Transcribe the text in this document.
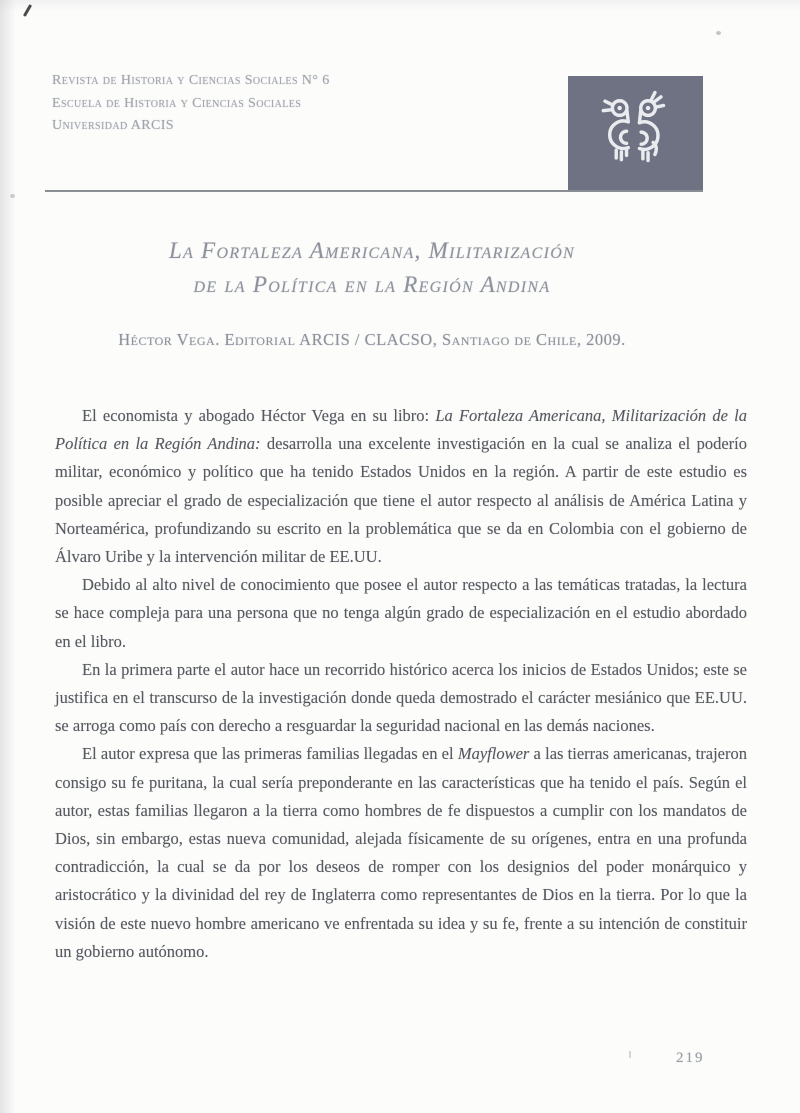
Revista de Historia y Ciencias Sociales N° 6
Escuela de Historia y Ciencias Sociales
Universidad ARCIS
La Fortaleza Americana, Militarización
de la Política en la Región Andina
Héctor Vega. Editorial ARCIS / CLACSO, Santiago de Chile, 2009.

El economista y abogado Héctor Vega en su libro: La Fortaleza Americana, Militarización de la Política en la Región Andina: desarrolla una excelente investigación en la cual se analiza el poderío militar, económico y político que ha tenido Estados Unidos en la región. A partir de este estudio es posible apreciar el grado de especialización que tiene el autor respecto al análisis de América Latina y Norteamérica, profundizando su escrito en la problemática que se da en Colombia con el gobierno de Álvaro Uribe y la intervención militar de EE.UU.

Debido al alto nivel de conocimiento que posee el autor respecto a las temáticas tratadas, la lectura se hace compleja para una persona que no tenga algún grado de especialización en el estudio abordado en el libro.

En la primera parte el autor hace un recorrido histórico acerca los inicios de Estados Unidos; este se justifica en el transcurso de la investigación donde queda demostrado el carácter mesiánico que EE.UU. se arroga como país con derecho a resguardar la seguridad nacional en las demás naciones.

El autor expresa que las primeras familias llegadas en el Mayflower a las tierras americanas, trajeron consigo su fe puritana, la cual sería preponderante en las características que ha tenido el país. Según el autor, estas familias llegaron a la tierra como hombres de fe dispuestos a cumplir con los mandatos de Dios, sin embargo, estas nueva comunidad, alejada físicamente de su orígenes, entra en una profunda contradicción, la cual se da por los deseos de romper con los designios del poder monárquico y aristocrático y la divinidad del rey de Inglaterra como representantes de Dios en la tierra. Por lo que la visión de este nuevo hombre americano ve enfrentada su idea y su fe, frente a su intención de constituir un gobierno autónomo.

219
